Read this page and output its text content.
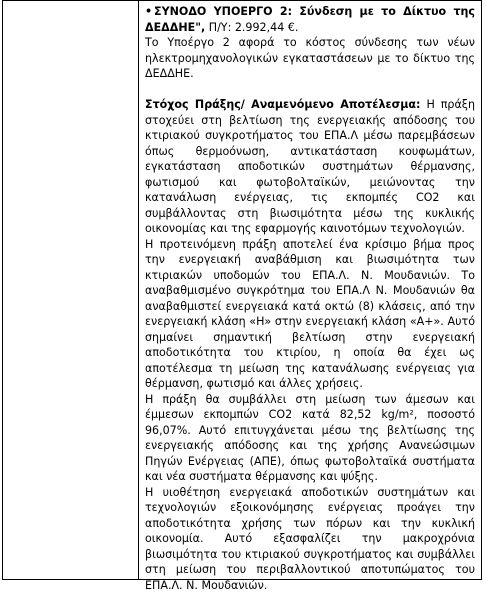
• ΣΥΝΟΔΟ ΥΠΟΕΡΓΟ 2: Σύνδεση με το Δίκτυο της ΔΕΔΔΗΕ", Π/Υ: 2.992,44 €.

Το Υποέργο 2 αφορά το κόστος σύνδεσης των νέων ηλεκτρομηχανολογικών εγκαταστάσεων με το δίκτυο της ΔΕΔΔΗΕ.

Στόχος Πράξης/ Αναμενόμενο Αποτέλεσμα: Η πράξη στοχεύει στη βελτίωση της ενεργειακής απόδοσης του κτιριακού συγκροτήματος του ΕΠΑ.Λ μέσω παρεμβάσεων όπως θερμοόνωση, αντικατάσταση κουφωμάτων, εγκατάσταση αποδοτικών συστημάτων θέρμανσης, φωτισμού και φωτοβολταϊκών, μειώνοντας την κατανάλωση ενέργειας, τις εκπομπές CO2 και συμβάλλοντας στη βιωσιμότητα μέσω της κυκλικής οικονομίας και της εφαρμογής καινοτόμων τεχνολογιών.

Η προτεινόμενη πράξη αποτελεί ένα κρίσιμο βήμα προς την ενεργειακή αναβάθμιση και βιωσιμότητα των κτιριακών υποδομών του ΕΠΑ.Λ. Ν. Μουδανιών. Το αναβαθμισμένο συγκρότημα του ΕΠΑ.Λ Ν. Μουδανιών θα αναβαθμιστεί ενεργειακά κατά οκτώ (8) κλάσεις, από την ενεργειακή κλάση «Η» στην ενεργειακή κλάση «Α+». Αυτό σημαίνει σημαντική βελτίωση στην ενεργειακή αποδοτικότητα του κτιρίου, η οποία θα έχει ως αποτέλεσμα τη μείωση της κατανάλωσης ενέργειας για θέρμανση, φωτισμό και άλλες χρήσεις.

Η πράξη θα συμβάλλει στη μείωση των άμεσων και έμμεσων εκπομπών CO2 κατά 82,52 kg/m², ποσοστό 96,07%. Αυτό επιτυγχάνεται μέσω της βελτίωσης της ενεργειακής απόδοσης και της χρήσης Ανανεώσιμων Πηγών Ενέργειας (ΑΠΕ), όπως φωτοβολταϊκά συστήματα και νέα συστήματα θέρμανσης και ψύξης.

Η υιοθέτηση ενεργειακά αποδοτικών συστημάτων και τεχνολογιών εξοικονόμησης ενέργειας προάγει την αποδοτικότητα χρήσης των πόρων και την κυκλική οικονομία. Αυτό εξασφαλίζει την μακροχρόνια βιωσιμότητα του κτιριακού συγκροτήματος και συμβάλλει στη μείωση του περιβαλλοντικού αποτυπώματος του ΕΠΑ.Λ. Ν. Μουδανιών.
